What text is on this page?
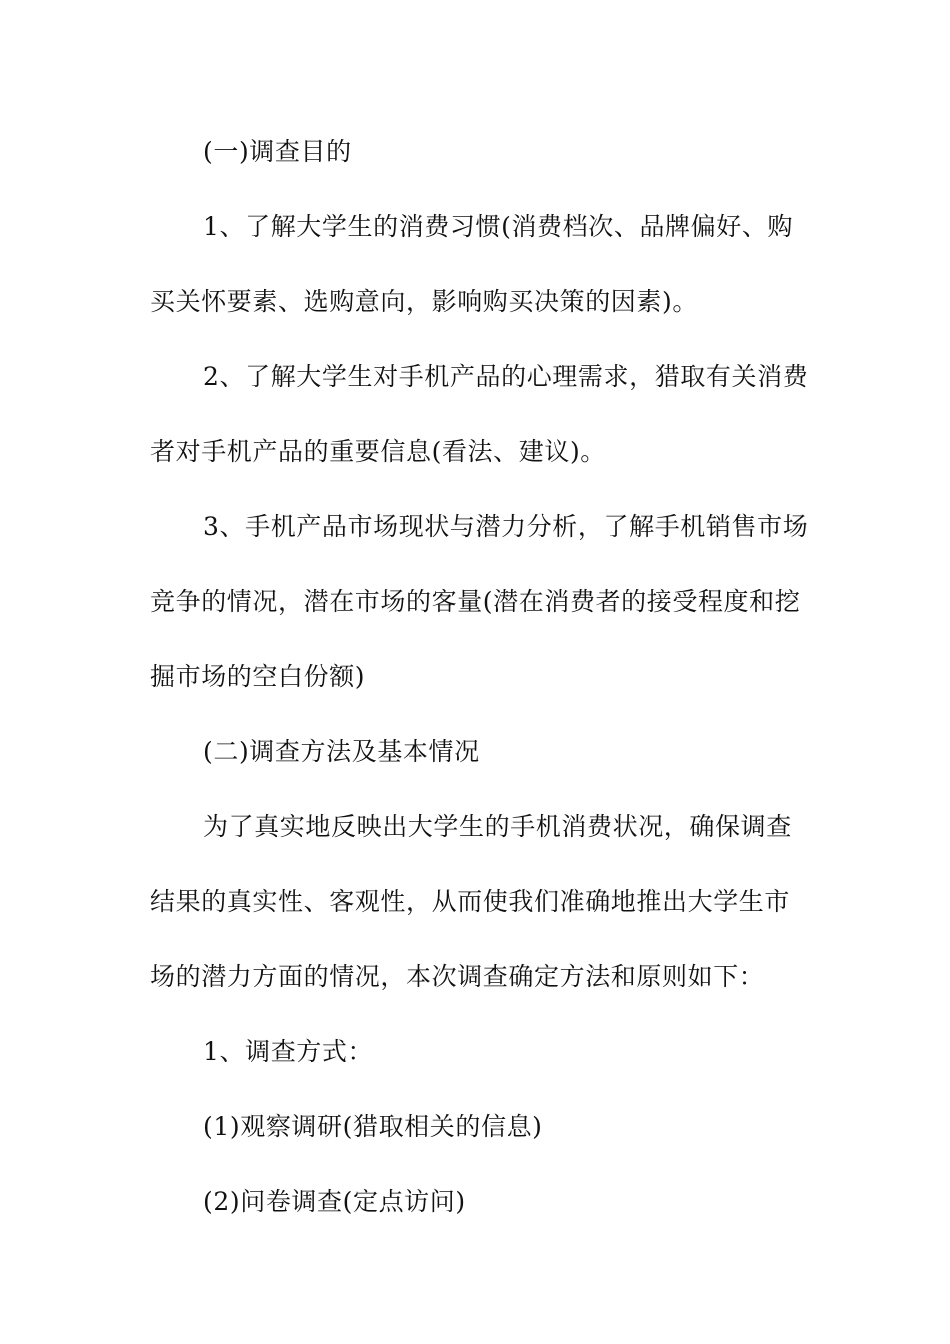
(一)调查目的
1、了解大学生的消费习惯(消费档次、品牌偏好、购
买关怀要素、选购意向，影响购买决策的因素)。
2、了解大学生对手机产品的心理需求，猎取有关消费
者对手机产品的重要信息(看法、建议)。
3、手机产品市场现状与潜力分析，了解手机销售市场
竞争的情况，潜在市场的客量(潜在消费者的接受程度和挖
掘市场的空白份额)
(二)调查方法及基本情况
为了真实地反映出大学生的手机消费状况，确保调查
结果的真实性、客观性，从而使我们准确地推出大学生市
场的潜力方面的情况，本次调查确定方法和原则如下：
1、调查方式：
(1)观察调研(猎取相关的信息)
(2)问卷调查(定点访问)
